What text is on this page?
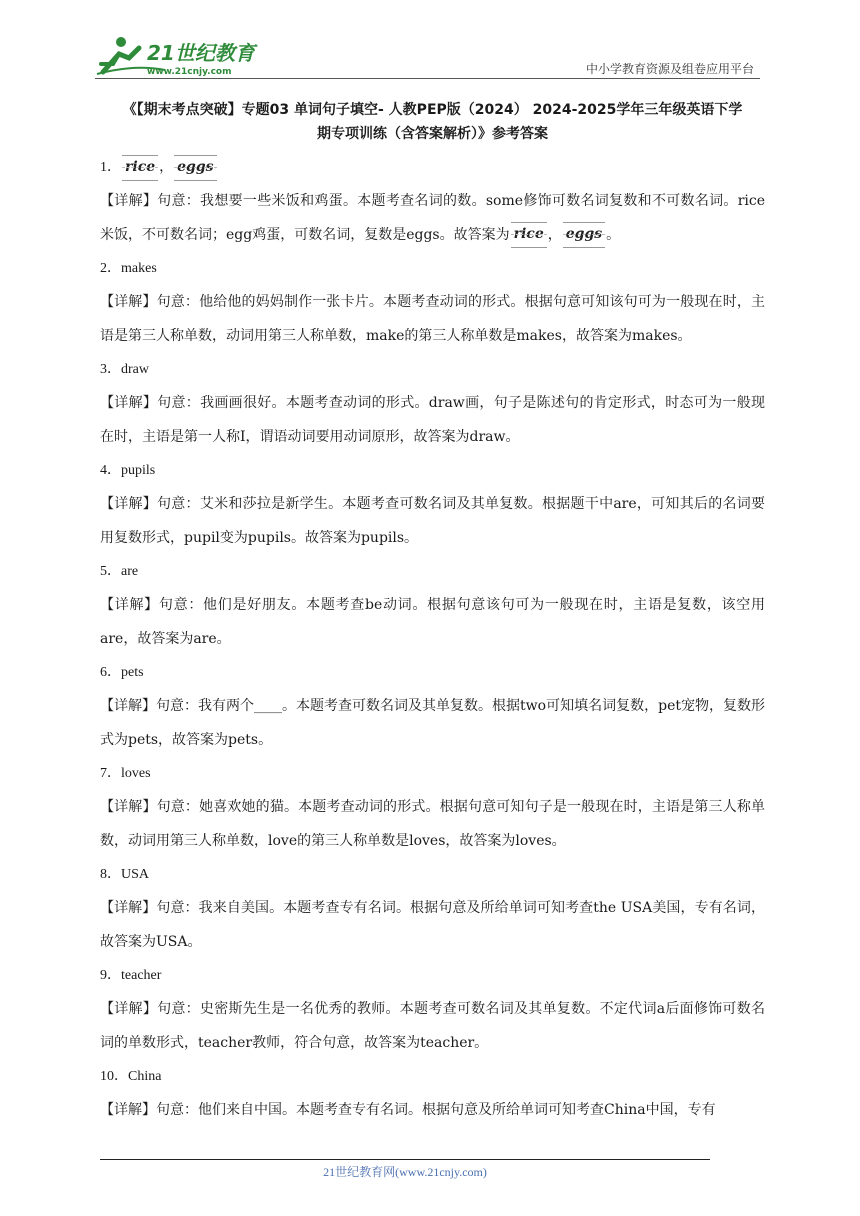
21世纪教育
www.21cnjy.com	中小学教育资源及组卷应用平台
《【期末考点突破】专题03 单词句子填空- 人教PEP版（2024） 2024-2025学年三年级英语下学
期专项训练（含答案解析）》参考答案
1． rice ， eggs
【详解】句意：我想要一些米饭和鸡蛋。本题考查名词的数。some修饰可数名词复数和不可数名词。rice米饭，不可数名词；egg鸡蛋，可数名词，复数是eggs。故答案为 rice ， eggs 。
2．makes
【详解】句意：他给他的妈妈制作一张卡片。本题考查动词的形式。根据句意可知该句可为一般现在时，主语是第三人称单数，动词用第三人称单数，make的第三人称单数是makes，故答案为makes。
3．draw
【详解】句意：我画画很好。本题考查动词的形式。draw画，句子是陈述句的肯定形式，时态可为一般现在时，主语是第一人称I，谓语动词要用动词原形，故答案为draw。
4．pupils
【详解】句意：艾米和莎拉是新学生。本题考查可数名词及其单复数。根据题干中are，可知其后的名词要用复数形式，pupil变为pupils。故答案为pupils。
5．are
【详解】句意：他们是好朋友。本题考查be动词。根据句意该句可为一般现在时，主语是复数，该空用are，故答案为are。
6．pets
【详解】句意：我有两个____。本题考查可数名词及其单复数。根据two可知填名词复数，pet宠物，复数形式为pets，故答案为pets。
7．loves
【详解】句意：她喜欢她的猫。本题考查动词的形式。根据句意可知句子是一般现在时，主语是第三人称单数，动词用第三人称单数，love的第三人称单数是loves，故答案为loves。
8．USA
【详解】句意：我来自美国。本题考查专有名词。根据句意及所给单词可知考查the USA美国，专有名词，故答案为USA。
9．teacher
【详解】句意：史密斯先生是一名优秀的教师。本题考查可数名词及其单复数。不定代词a后面修饰可数名词的单数形式，teacher教师，符合句意，故答案为teacher。
10．China
【详解】句意：他们来自中国。本题考查专有名词。根据句意及所给单词可知考查China中国，专有
21世纪教育网(www.21cnjy.com)
